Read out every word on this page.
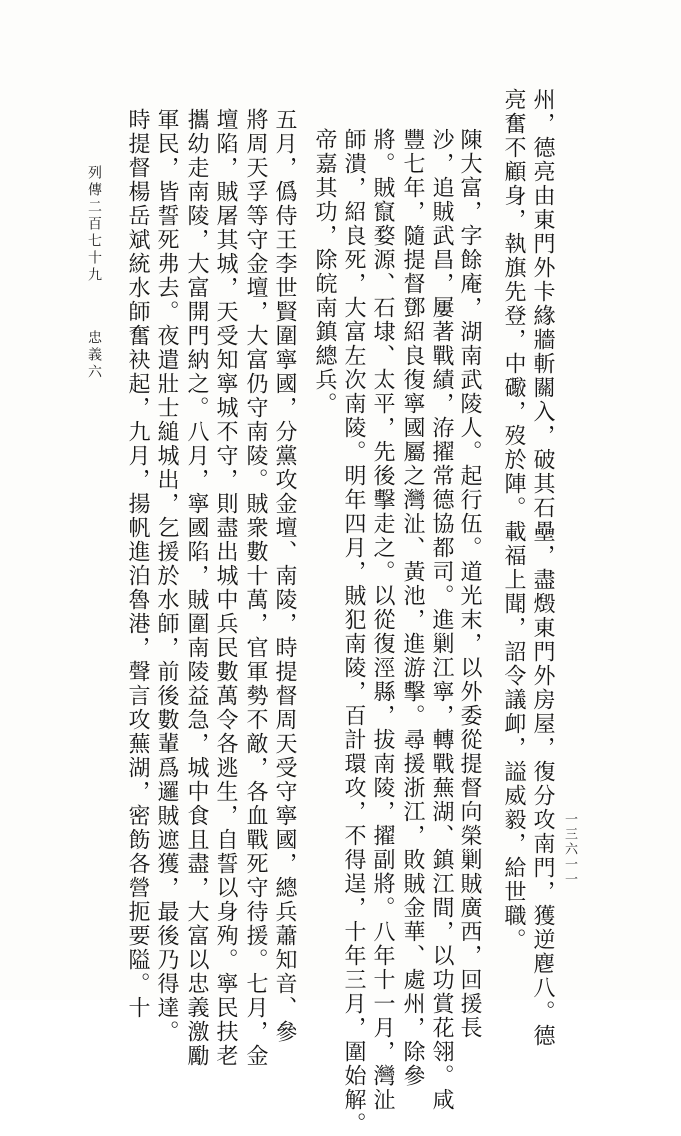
州，德亮由東門外卡緣牆斬關入，破其石壘，盡燬東門外房屋，復分攻南門，獲逆麀八。德
亮奮不顧身，執旗先登，中礮，歿於陣。載福上聞，詔令議卹，謚威毅，給世職。
陳大富，字餘庵，湖南武陵人。起行伍。道光末，以外委從提督向榮剿賊廣西，回援長
沙，追賊武昌，屢著戰績，洊擢常德協都司。進剿江寧，轉戰蕪湖、鎮江間，以功賞花翎。咸
豐七年，隨提督鄧紹良復寧國屬之灣沚、黃池，進游擊。尋援浙江，敗賊金華、處州，除參
將。賊竄婺源、石埭、太平，先後擊走之。以從復涇縣，拔南陵，擢副將。八年十一月，灣沚
師潰，紹良死，大富左次南陵。明年四月，賊犯南陵，百計環攻，不得逞，十年三月，圍始解。
帝嘉其功，除皖南鎮總兵。
五月，僞侍王李世賢圍寧國，分黨攻金壇、南陵，時提督周天受守寧國，總兵蕭知音、參
將周天孚等守金壇，大富仍守南陵。賊衆數十萬，官軍勢不敵，各血戰死守待援。七月，金
壇陷，賊屠其城，天受知寧城不守，則盡出城中兵民數萬令各逃生，自誓以身殉。寧民扶老
攜幼走南陵，大富開門納之。八月，寧國陷，賊圍南陵益急，城中食且盡，大富以忠義激勵
軍民，皆誓死弗去。夜遣壯士縋城出，乞援於水師，前後數輩爲邏賊遮獲，最後乃得達。
時提督楊岳斌統水師奮袂起，九月，揚帆進泊魯港，聲言攻蕪湖，密飭各營扼要隘。十
列傳二百七十九
忠義六
一三六一一
